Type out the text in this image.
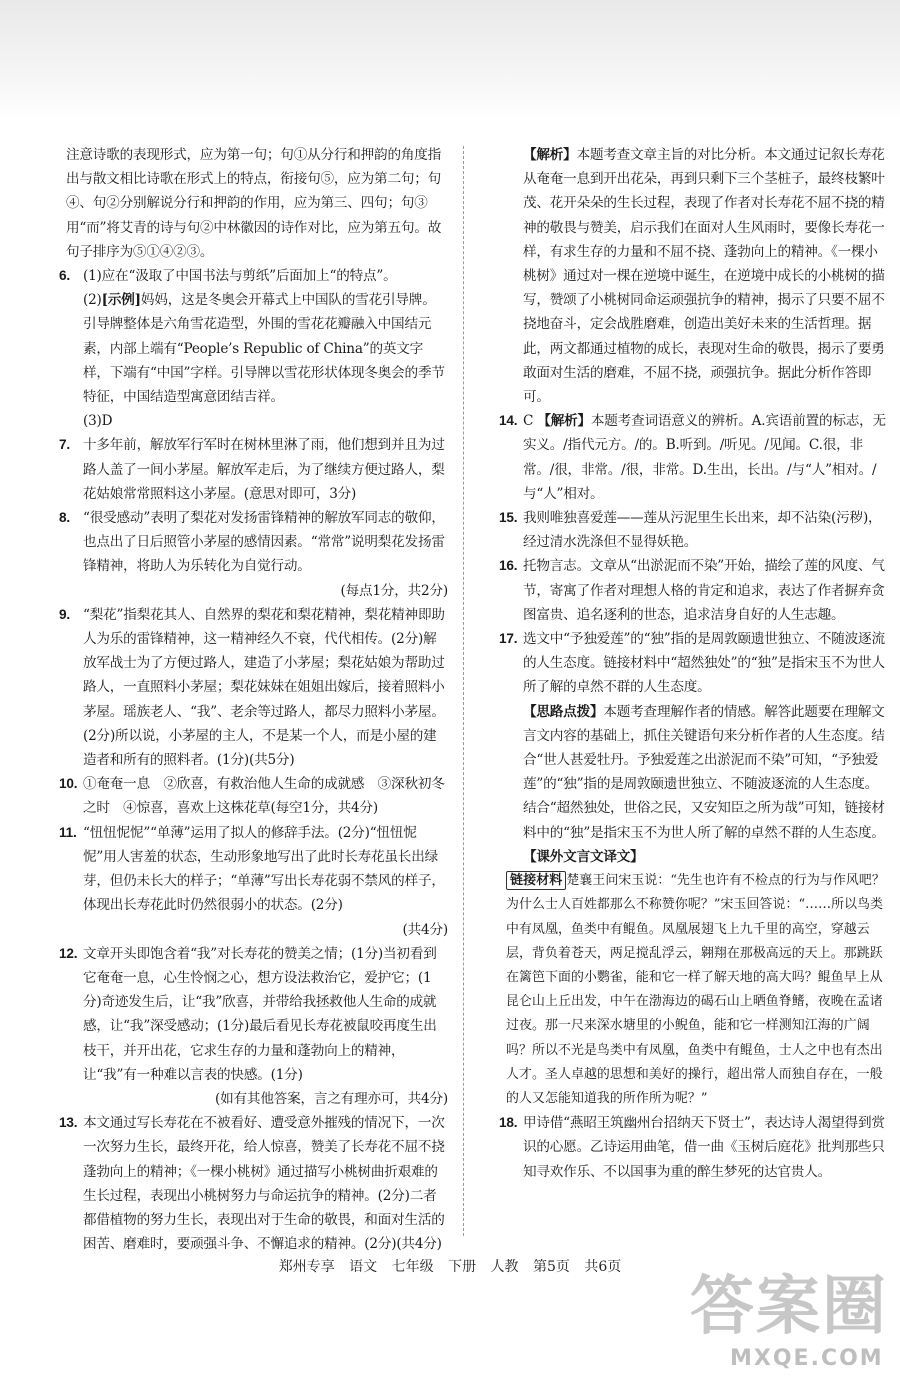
注意诗歌的表现形式，应为第一句；句①从分行和押韵的角度指出与散文相比诗歌在形式上的特点，衔接句⑤，应为第二句；句④、句②分别解说分行和押韵的作用，应为第三、四句；句③用“而”将艾青的诗与句②中林徽因的诗作对比，应为第五句。故句子排序为⑤①④②③。

6. (1)应在“汲取了中国书法与剪纸”后面加上“的特点”。

(2)[示例]妈妈，这是冬奥会开幕式上中国队的雪花引导牌。引导牌整体是六角雪花造型，外围的雪花花瓣融入中国结元素，内部上端有“People’s Republic of China”的英文字样，下端有“中国”字样。引导牌以雪花形状体现冬奥会的季节特征，中国结造型寓意团结吉祥。

(3)D

7. 十多年前，解放军行军时在树林里淋了雨，他们想到并且为过路人盖了一间小茅屋。解放军走后，为了继续方便过路人，梨花姑娘常常照料这小茅屋。(意思对即可，3分)

8. “很受感动”表明了梨花对发扬雷锋精神的解放军同志的敬仰，也点出了日后照管小茅屋的感情因素。“常常”说明梨花发扬雷锋精神，将助人为乐转化为自觉行动。

(每点1分，共2分)

9. “梨花”指梨花其人、自然界的梨花和梨花精神，梨花精神即助人为乐的雷锋精神，这一精神经久不衰，代代相传。(2分)解放军战士为了方便过路人，建造了小茅屋；梨花姑娘为帮助过路人，一直照料小茅屋；梨花妹妹在姐姐出嫁后，接着照料小茅屋。瑶族老人、“我”、老余等过路人，都尽力照料小茅屋。(2分)所以说，小茅屋的主人，不是某一个人，而是小屋的建造者和所有的照料者。(1分)(共5分)

10. ①奄奄一息　②欣喜，有救治他人生命的成就感　③深秋初冬之时　④惊喜，喜欢上这株花草(每空1分，共4分)

11. “忸忸怩怩”“单薄”运用了拟人的修辞手法。(2分)“忸忸怩怩”用人害羞的状态，生动形象地写出了此时长寿花虽长出绿芽，但仍未长大的样子；“单薄”写出长寿花弱不禁风的样子，体现出长寿花此时仍然很弱小的状态。(2分)

(共4分)

12. 文章开头即饱含着“我”对长寿花的赞美之情；(1分)当初看到它奄奄一息，心生怜悯之心，想方设法救治它，爱护它；(1分)奇迹发生后，让“我”欣喜，并带给我拯救他人生命的成就感，让“我”深受感动；(1分)最后看见长寿花被鼠咬再度生出枝干，并开出花，它求生存的力量和蓬勃向上的精神，让“我”有一种难以言表的快感。(1分)

(如有其他答案，言之有理亦可，共4分)

13. 本文通过写长寿花在不被看好、遭受意外摧残的情况下，一次一次努力生长，最终开花，给人惊喜，赞美了长寿花不屈不挠蓬勃向上的精神；《一棵小桃树》通过描写小桃树曲折艰难的生长过程，表现出小桃树努力与命运抗争的精神。(2分)二者都借植物的努力生长，表现出对于生命的敬畏，和面对生活的困苦、磨难时，要顽强斗争、不懈追求的精神。(2分)(共4分)

【解析】本题考查文章主旨的对比分析。本文通过记叙长寿花从奄奄一息到开出花朵，再到只剩下三个茎桩子，最终枝繁叶茂、花开朵朵的生长过程，表现了作者对长寿花不屈不挠的精神的敬畏与赞美，启示我们在面对人生风雨时，要像长寿花一样，有求生存的力量和不屈不挠、蓬勃向上的精神。《一棵小桃树》通过对一棵在逆境中诞生，在逆境中成长的小桃树的描写，赞颂了小桃树同命运顽强抗争的精神，揭示了只要不屈不挠地奋斗，定会战胜磨难，创造出美好未来的生活哲理。据此，两文都通过植物的成长，表现对生命的敬畏，揭示了要勇敢面对生活的磨难，不屈不挠，顽强抗争。据此分析作答即可。

14. C 【解析】本题考查词语意义的辨析。A.宾语前置的标志，无实义。/指代元方。/的。B.听到。/听见。/见闻。C.很，非常。/很，非常。/很，非常。D.生出，长出。/与“人”相对。/与“人”相对。

15. 我则唯独喜爱莲——莲从污泥里生长出来，却不沾染(污秽)，经过清水洗涤但不显得妖艳。

16. 托物言志。文章从“出淤泥而不染”开始，描绘了莲的风度、气节，寄寓了作者对理想人格的肯定和追求，表达了作者摒弃贪图富贵、追名逐利的世态，追求洁身自好的人生志趣。

17. 选文中“予独爱莲”的“独”指的是周敦颐遗世独立、不随波逐流的人生态度。链接材料中“超然独处”的“独”是指宋玉不为世人所了解的卓然不群的人生态度。

【思路点拨】本题考查理解作者的情感。解答此题要在理解文言文内容的基础上，抓住关键语句来分析作者的人生态度。结合“世人甚爱牡丹。予独爱莲之出淤泥而不染”可知，“予独爱莲”的“独”指的是周敦颐遗世独立、不随波逐流的人生态度。结合“超然独处，世俗之民，又安知臣之所为哉”可知，链接材料中的“独”是指宋玉不为世人所了解的卓然不群的人生态度。

【课外文言文译文】

链接材料 楚襄王问宋玉说：“先生也许有不检点的行为与作风吧？为什么士人百姓都那么不称赞你呢？”宋玉回答说：“……所以鸟类中有凤凰，鱼类中有鲲鱼。凤凰展翅飞上九千里的高空，穿越云层，背负着苍天，两足搅乱浮云，翱翔在那极高远的天上。那跳跃在篱笆下面的小鹦雀，能和它一样了解天地的高大吗？鲲鱼早上从昆仑山上丘出发，中午在渤海边的碣石山上晒鱼脊鳍，夜晚在孟诸过夜。那一尺来深水塘里的小鲵鱼，能和它一样测知江海的广阔吗？所以不光是鸟类中有凤凰，鱼类中有鲲鱼，士人之中也有杰出人才。圣人卓越的思想和美好的操行，超出常人而独自存在，一般的人又怎能知道我的所作所为呢？”

18. 甲诗借“燕昭王筑幽州台招纳天下贤士”，表达诗人渴望得到赏识的心愿。乙诗运用曲笔，借一曲《玉树后庭花》批判那些只知寻欢作乐、不以国事为重的醉生梦死的达官贵人。

郑州专享 语文 七年级 下册 人教 第5页 共6页
答案圈
MXQE.COM
